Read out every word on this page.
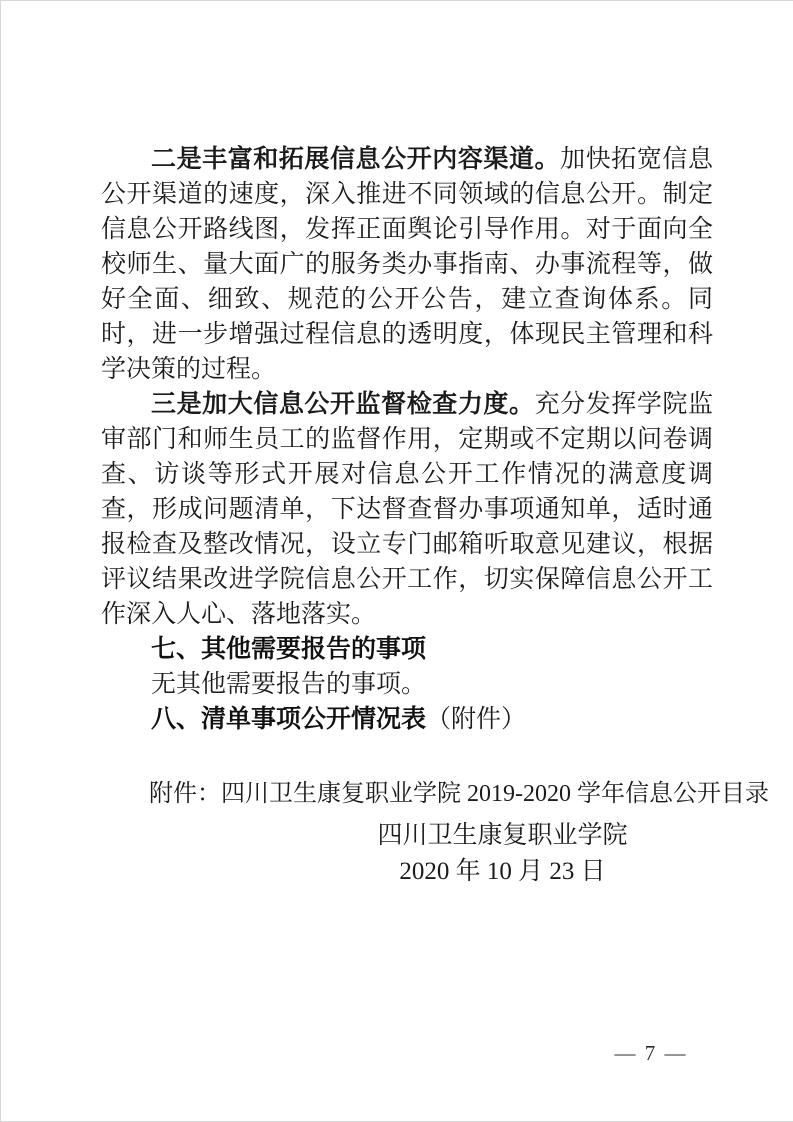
二是丰富和拓展信息公开内容渠道。加快拓宽信息公开渠道的速度，深入推进不同领域的信息公开。制定信息公开路线图，发挥正面舆论引导作用。对于面向全校师生、量大面广的服务类办事指南、办事流程等，做好全面、细致、规范的公开公告，建立查询体系。同时，进一步增强过程信息的透明度，体现民主管理和科学决策的过程。

三是加大信息公开监督检查力度。充分发挥学院监审部门和师生员工的监督作用，定期或不定期以问卷调查、访谈等形式开展对信息公开工作情况的满意度调查，形成问题清单，下达督查督办事项通知单，适时通报检查及整改情况，设立专门邮箱听取意见建议，根据评议结果改进学院信息公开工作，切实保障信息公开工作深入人心、落地落实。

七、其他需要报告的事项

无其他需要报告的事项。

八、清单事项公开情况表（附件）

附件：四川卫生康复职业学院 2019-2020 学年信息公开目录

四川卫生康复职业学院
2020 年 10 月 23 日
— 7 —
